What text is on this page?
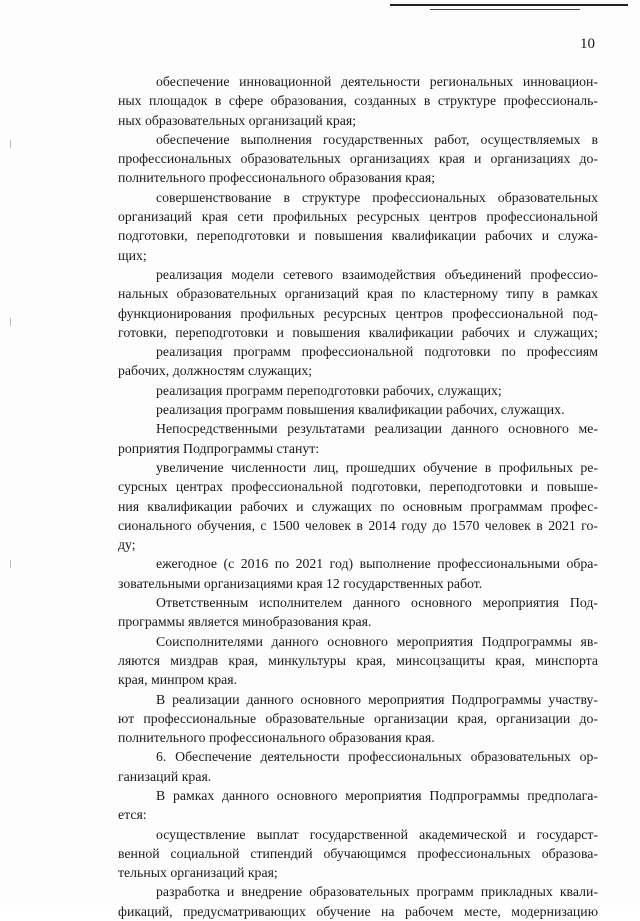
10
обеспечение инновационной деятельности региональных инновацион-
ных площадок в сфере образования, созданных в структуре профессиональ-
ных образовательных организаций края;
обеспечение выполнения государственных работ, осуществляемых в
профессиональных образовательных организациях края и организациях до-
полнительного профессионального образования края;
совершенствование в структуре профессиональных образовательных
организаций края сети профильных ресурсных центров профессиональной
подготовки, переподготовки и повышения квалификации рабочих и служа-
щих;
реализация модели сетевого взаимодействия объединений профессио-
нальных образовательных организаций края по кластерному типу в рамках
функционирования профильных ресурсных центров профессиональной под-
готовки, переподготовки и повышения квалификации рабочих и служащих;
реализация программ профессиональной подготовки по профессиям
рабочих, должностям служащих;
реализация программ переподготовки рабочих, служащих;
реализация программ повышения квалификации рабочих, служащих.
Непосредственными результатами реализации данного основного ме-
роприятия Подпрограммы станут:
увеличение численности лиц, прошедших обучение в профильных ре-
сурсных центрах профессиональной подготовки, переподготовки и повыше-
ния квалификации рабочих и служащих по основным программам профес-
сионального обучения, с 1500 человек в 2014 году до 1570 человек в 2021 го-
ду;
ежегодное (с 2016 по 2021 год) выполнение профессиональными обра-
зовательными организациями края 12 государственных работ.
Ответственным исполнителем данного основного мероприятия Под-
программы является минобразования края.
Соисполнителями данного основного мероприятия Подпрограммы яв-
ляются миздрав края, минкультуры края, минсоцзащиты края, минспорта
края, минпром края.
В реализации данного основного мероприятия Подпрограммы участву-
ют профессиональные образовательные организации края, организации до-
полнительного профессионального образования края.
6. Обеспечение деятельности профессиональных образовательных ор-
ганизаций края.
В рамках данного основного мероприятия Подпрограммы предполага-
ется:
осуществление выплат государственной академической и государст-
венной социальной стипендий обучающимся профессиональных образова-
тельных организаций края;
разработка и внедрение образовательных программ прикладных квали-
фикаций, предусматривающих обучение на рабочем месте, модернизацию
